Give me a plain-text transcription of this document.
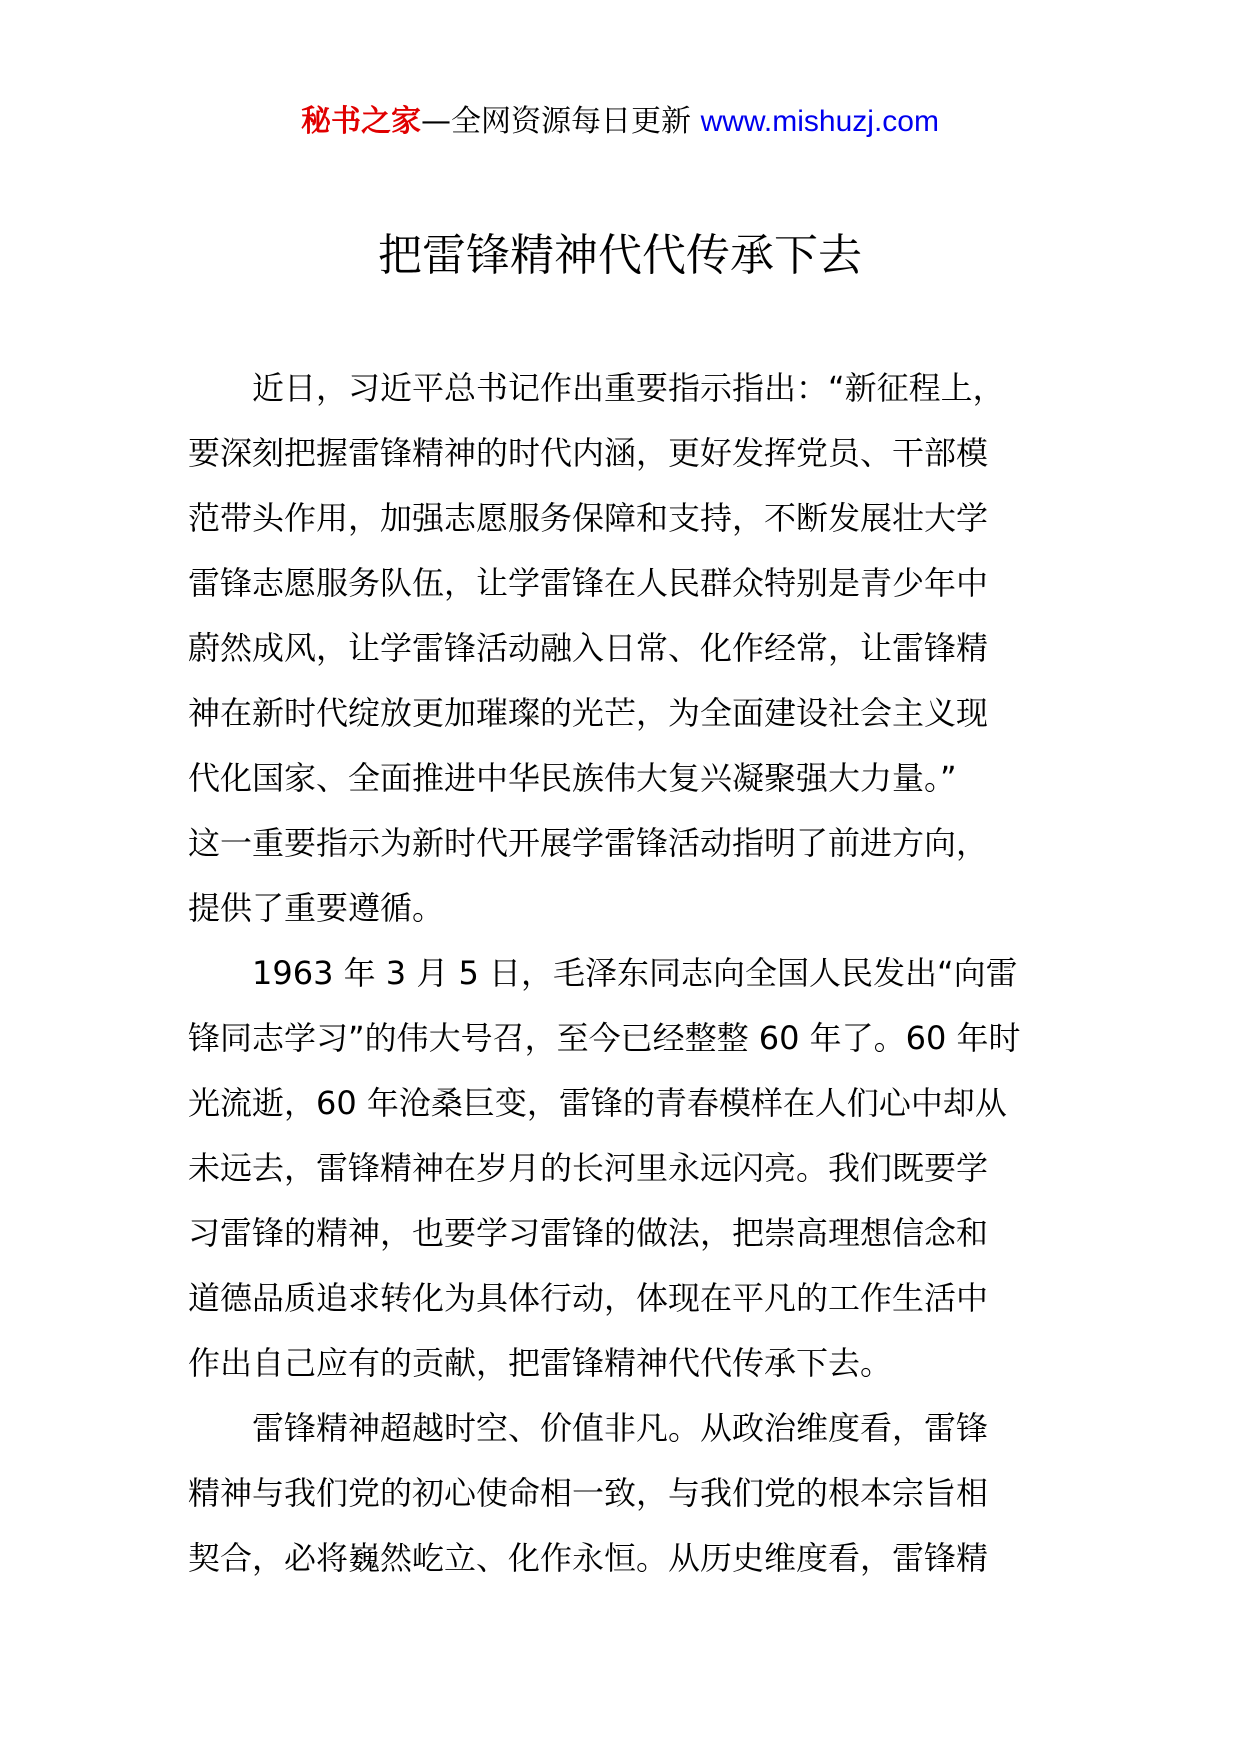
秘书之家—全网资源每日更新 www.mishuzj.com
把雷锋精神代代传承下去

近日，习近平总书记作出重要指示指出：“新征程上，
要深刻把握雷锋精神的时代内涵，更好发挥党员、干部模
范带头作用，加强志愿服务保障和支持，不断发展壮大学
雷锋志愿服务队伍，让学雷锋在人民群众特别是青少年中
蔚然成风，让学雷锋活动融入日常、化作经常，让雷锋精
神在新时代绽放更加璀璨的光芒，为全面建设社会主义现
代化国家、全面推进中华民族伟大复兴凝聚强大力量。”
这一重要指示为新时代开展学雷锋活动指明了前进方向，
提供了重要遵循。

1963 年 3 月 5 日，毛泽东同志向全国人民发出“向雷
锋同志学习”的伟大号召，至今已经整整 60 年了。60 年时
光流逝，60 年沧桑巨变，雷锋的青春模样在人们心中却从
未远去，雷锋精神在岁月的长河里永远闪亮。我们既要学
习雷锋的精神，也要学习雷锋的做法，把崇高理想信念和
道德品质追求转化为具体行动，体现在平凡的工作生活中
作出自己应有的贡献，把雷锋精神代代传承下去。

雷锋精神超越时空、价值非凡。从政治维度看，雷锋
精神与我们党的初心使命相一致，与我们党的根本宗旨相
契合，必将巍然屹立、化作永恒。从历史维度看，雷锋精
